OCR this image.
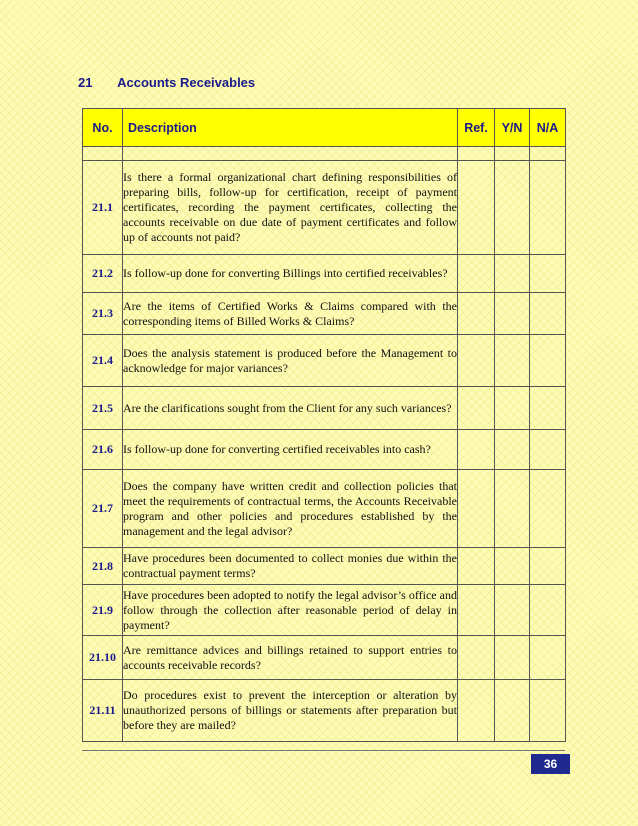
21 Accounts Receivables
No.	Description	Ref.	Y/N	N/A

21.1	Is there a formal organizational chart defining responsibilities of preparing bills, follow-up for certification, receipt of payment certificates, recording the payment certificates, collecting the accounts receivable on due date of payment certificates and follow up of accounts not paid?			
21.2	Is follow-up done for converting Billings into certified receivables?			
21.3	Are the items of Certified Works & Claims compared with the corresponding items of Billed Works & Claims?			
21.4	Does the analysis statement is produced before the Management to acknowledge for major variances?			
21.5	Are the clarifications sought from the Client for any such variances?			
21.6	Is follow-up done for converting certified receivables into cash?			
21.7	Does the company have written credit and collection policies that meet the requirements of contractual terms, the Accounts Receivable program and other policies and procedures established by the management and the legal advisor?			
21.8	Have procedures been documented to collect monies due within the contractual payment terms?			
21.9	Have procedures been adopted to notify the legal advisor’s office and follow through the collection after reasonable period of delay in payment?			
21.10	Are remittance advices and billings retained to support entries to accounts receivable records?			
21.11	Do procedures exist to prevent the interception or alteration by unauthorized persons of billings or statements after preparation but before they are mailed?			
36
